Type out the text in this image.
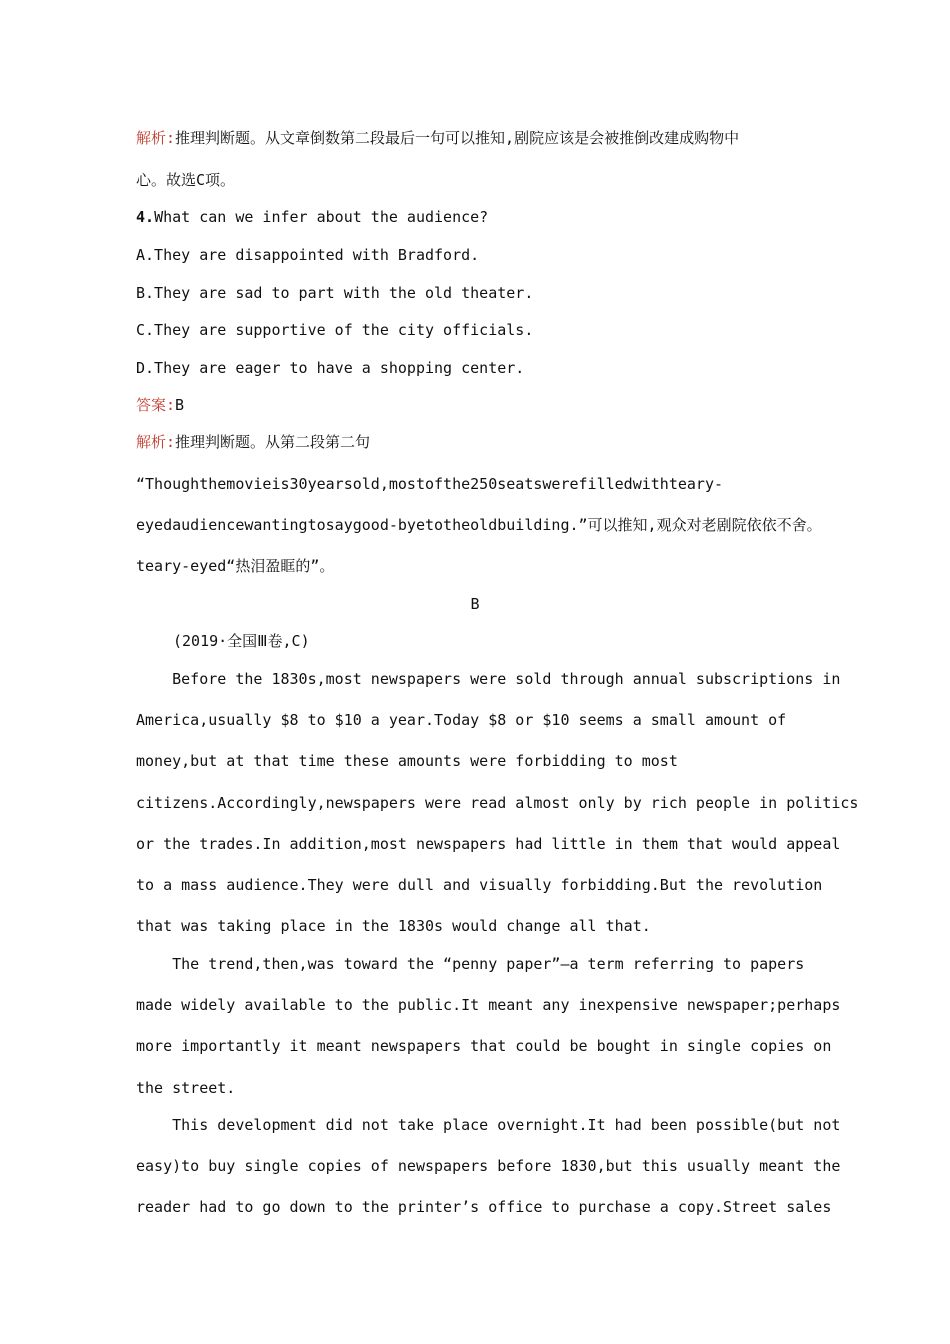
解析:推理判断题。从文章倒数第二段最后一句可以推知,剧院应该是会被推倒改建成购物中
心。故选C项。
4.What can we infer about the audience?
A.They are disappointed with Bradford.
B.They are sad to part with the old theater.
C.They are supportive of the city officials.
D.They are eager to have a shopping center.
答案:B
解析:推理判断题。从第二段第二句
“Thoughthemovieis30yearsold,mostofthe250seatswerefilledwithteary-
eyedaudiencewantingtosaygood-byetotheoldbuilding.”可以推知,观众对老剧院依依不舍。
teary-eyed“热泪盈眶的”。
B
(2019·全国Ⅲ卷,C)
Before the 1830s,most newspapers were sold through annual subscriptions in
America,usually $8 to $10 a year.Today $8 or $10 seems a small amount of
money,but at that time these amounts were forbidding to most
citizens.Accordingly,newspapers were read almost only by rich people in politics
or the trades.In addition,most newspapers had little in them that would appeal
to a mass audience.They were dull and visually forbidding.But the revolution
that was taking place in the 1830s would change all that.
The trend,then,was toward the “penny paper”—a term referring to papers
made widely available to the public.It meant any inexpensive newspaper;perhaps
more importantly it meant newspapers that could be bought in single copies on
the street.
This development did not take place overnight.It had been possible(but not
easy)to buy single copies of newspapers before 1830,but this usually meant the
reader had to go down to the printer’s office to purchase a copy.Street sales
